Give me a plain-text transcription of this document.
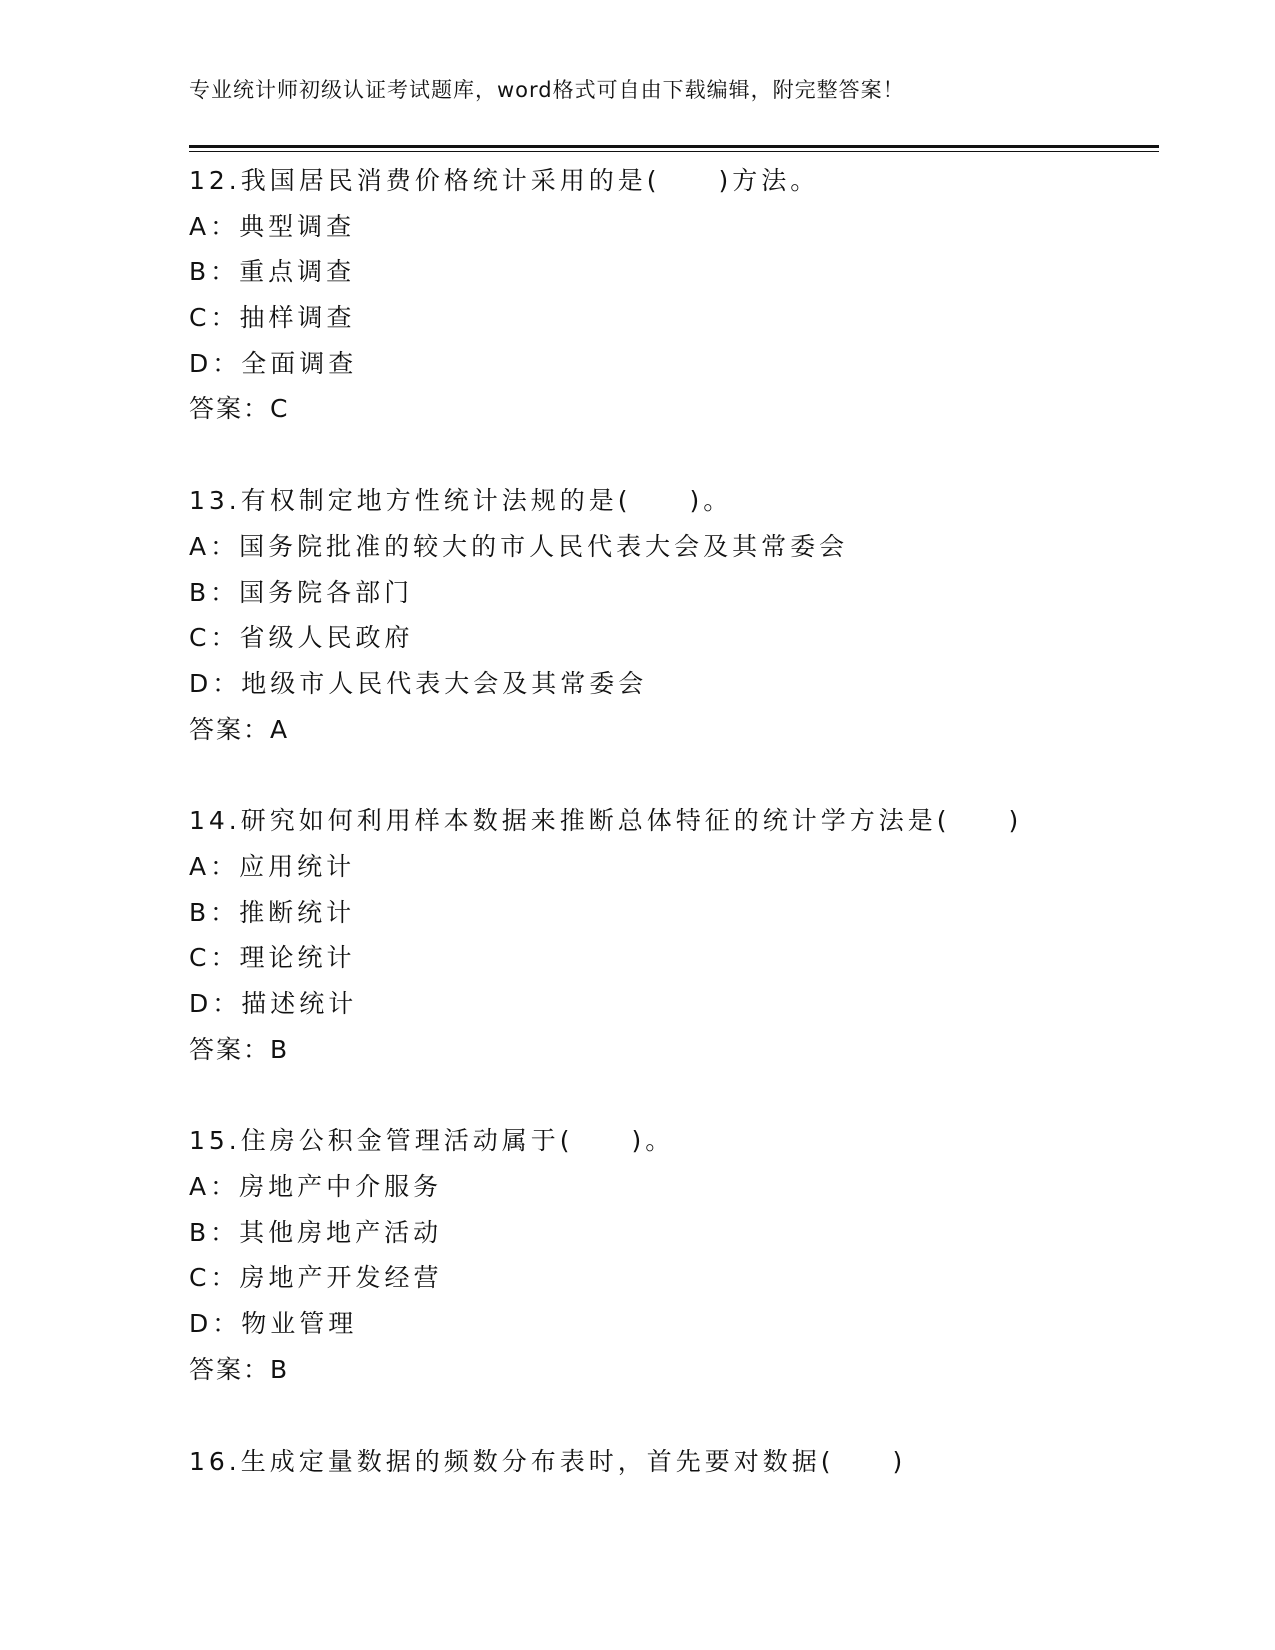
专业统计师初级认证考试题库，word格式可自由下载编辑，附完整答案！
12.我国居民消费价格统计采用的是(　　)方法。
A：典型调查
B：重点调查
C：抽样调查
D：全面调查
答案：C
13.有权制定地方性统计法规的是(　　)。
A：国务院批准的较大的市人民代表大会及其常委会
B：国务院各部门
C：省级人民政府
D：地级市人民代表大会及其常委会
答案：A
14.研究如何利用样本数据来推断总体特征的统计学方法是(　　)
A：应用统计
B：推断统计
C：理论统计
D：描述统计
答案：B
15.住房公积金管理活动属于(　　)。
A：房地产中介服务
B：其他房地产活动
C：房地产开发经营
D：物业管理
答案：B
16.生成定量数据的频数分布表时，首先要对数据(　　)
